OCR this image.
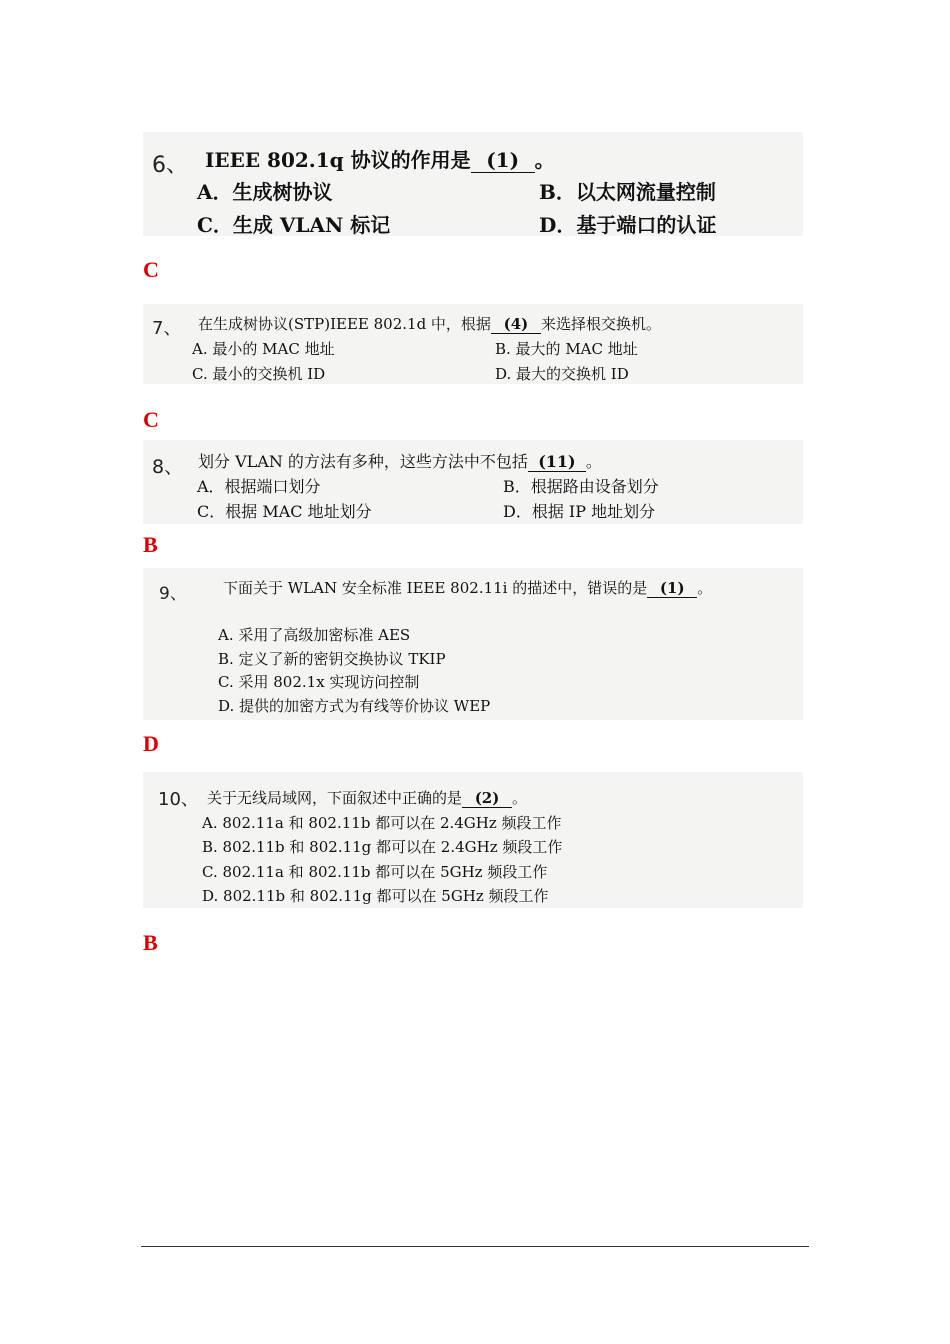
6、 IEEE 802.1q 协议的作用是 (1) 。
A．生成树协议	B．以太网流量控制
C．生成 VLAN 标记	D．基于端口的认证
C
7、 在生成树协议(STP)IEEE 802.1d 中，根据 (4) 来选择根交换机。
A. 最小的 MAC 地址	B. 最大的 MAC 地址
C. 最小的交换机 ID	D. 最大的交换机 ID
C
8、 划分 VLAN 的方法有多种，这些方法中不包括 (11) 。
A．根据端口划分	B．根据路由设备划分
C．根据 MAC 地址划分	D．根据 IP 地址划分
B
9、 下面关于 WLAN 安全标准 IEEE 802.11i 的描述中，错误的是 (1) 。
A. 采用了高级加密标准 AES
B. 定义了新的密钥交换协议 TKIP
C. 采用 802.1x 实现访问控制
D. 提供的加密方式为有线等价协议 WEP
D
10、 关于无线局域网，下面叙述中正确的是 (2) 。
A. 802.11a 和 802.11b 都可以在 2.4GHz 频段工作
B. 802.11b 和 802.11g 都可以在 2.4GHz 频段工作
C. 802.11a 和 802.11b 都可以在 5GHz 频段工作
D. 802.11b 和 802.11g 都可以在 5GHz 频段工作
B
